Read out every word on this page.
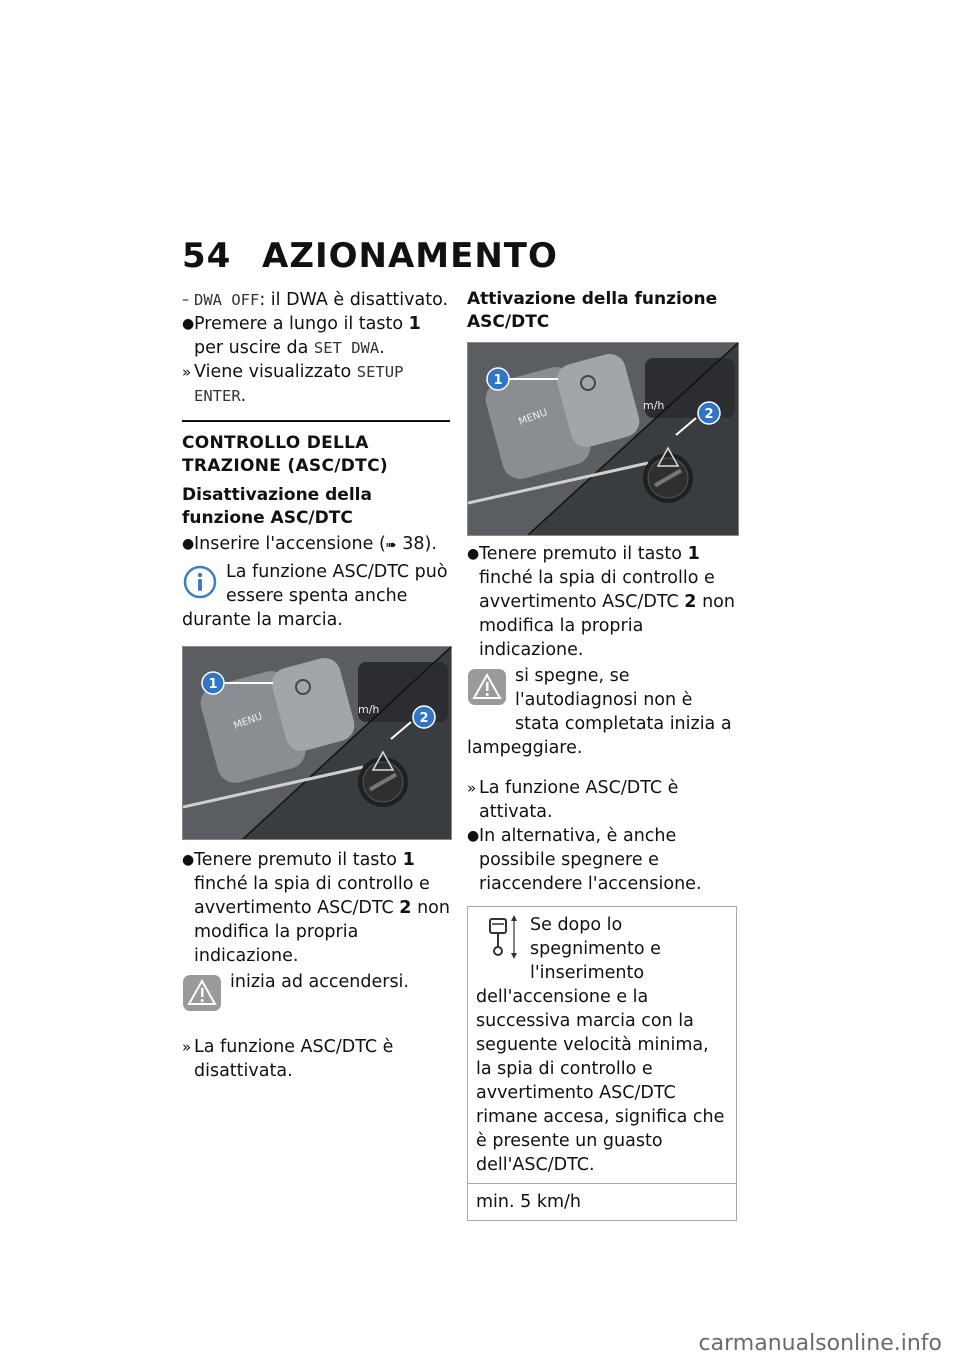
54 AZIONAMENTO

– DWA OFF: il DWA è disattivato.

● Premere a lungo il tasto 1 per uscire da SET DWA.

» Viene visualizzato SETUP ENTER.

CONTROLLO DELLA TRAZIONE (ASC/DTC)
Disattivazione della funzione ASC/DTC

● Inserire l'accensione (➠ 38).

La funzione ASC/DTC può essere spenta anche durante la marcia.
MENU
m/h
2
1

● Tenere premuto il tasto 1 finché la spia di controllo e avvertimento ASC/DTC 2 non modifica la propria indicazione.

inizia ad accendersi.

» La funzione ASC/DTC è disattivata.

Attivazione della funzione ASC/DTC
MENU
m/h
2
1

● Tenere premuto il tasto 1 finché la spia di controllo e avvertimento ASC/DTC 2 non modifica la propria indicazione.

si spegne, se l'autodiagnosi non è stata completata inizia a lampeggiare.

» La funzione ASC/DTC è attivata.

● In alternativa, è anche possibile spegnere e riaccendere l'accensione.

Se dopo lo spegnimento e l'inserimento dell'accensione e la successiva marcia con la seguente velocità minima, la spia di controllo e avvertimento ASC/DTC rimane accesa, significa che è presente un guasto dell'ASC/DTC.
min. 5 km/h
carmanualsonline.info
